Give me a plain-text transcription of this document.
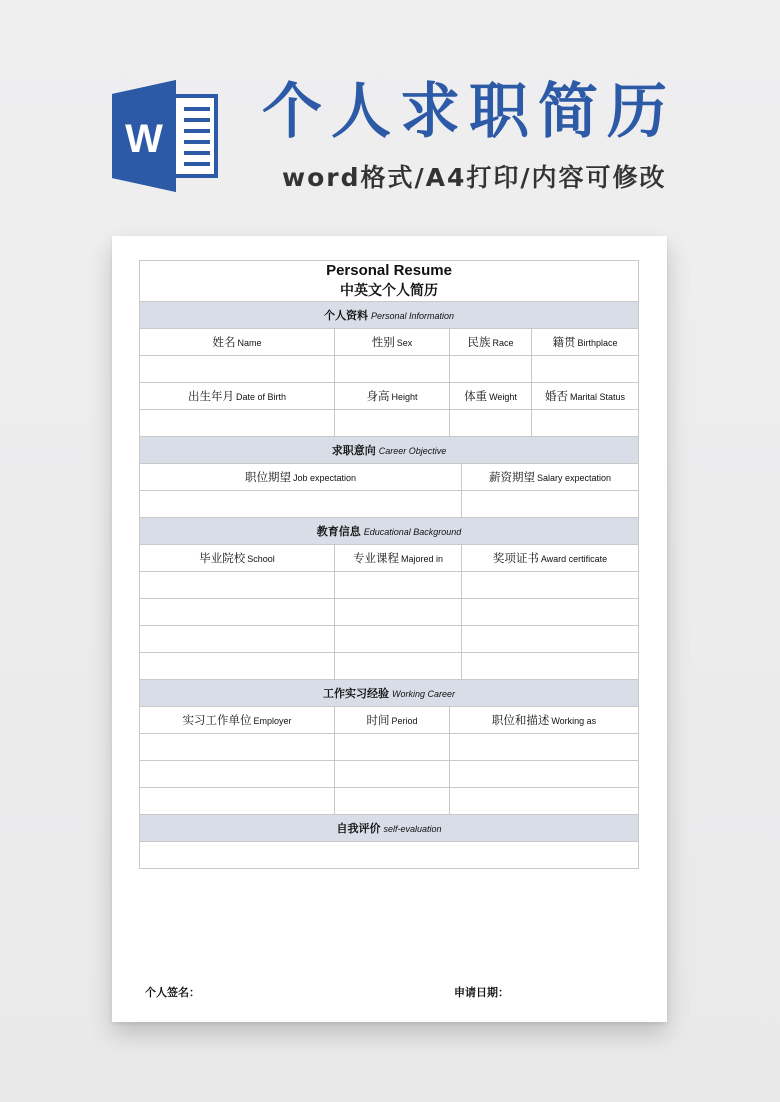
W 个人求职简历
word格式/A4打印/内容可修改
Personal Resume
中英文个人简历				

个人资料 Personal Information				
姓名 Name	性别 Sex	民族 Race		籍贯 Birthplace

出生年月 Date of Birth	身高 Height	体重 Weight		婚否 Marital Status

求职意向 Career Objective				
职位期望 Job expectation			薪资期望 Salary expectation	

教育信息 Educational Background				
毕业院校 School	专业课程 Majored in		奖项证书 Award certificate	

工作实习经验 Working Career				
实习工作单位 Employer	时间 Period	职位和描述 Working as		

自我评价 self-evaluation				

个人签名：	申请日期：
